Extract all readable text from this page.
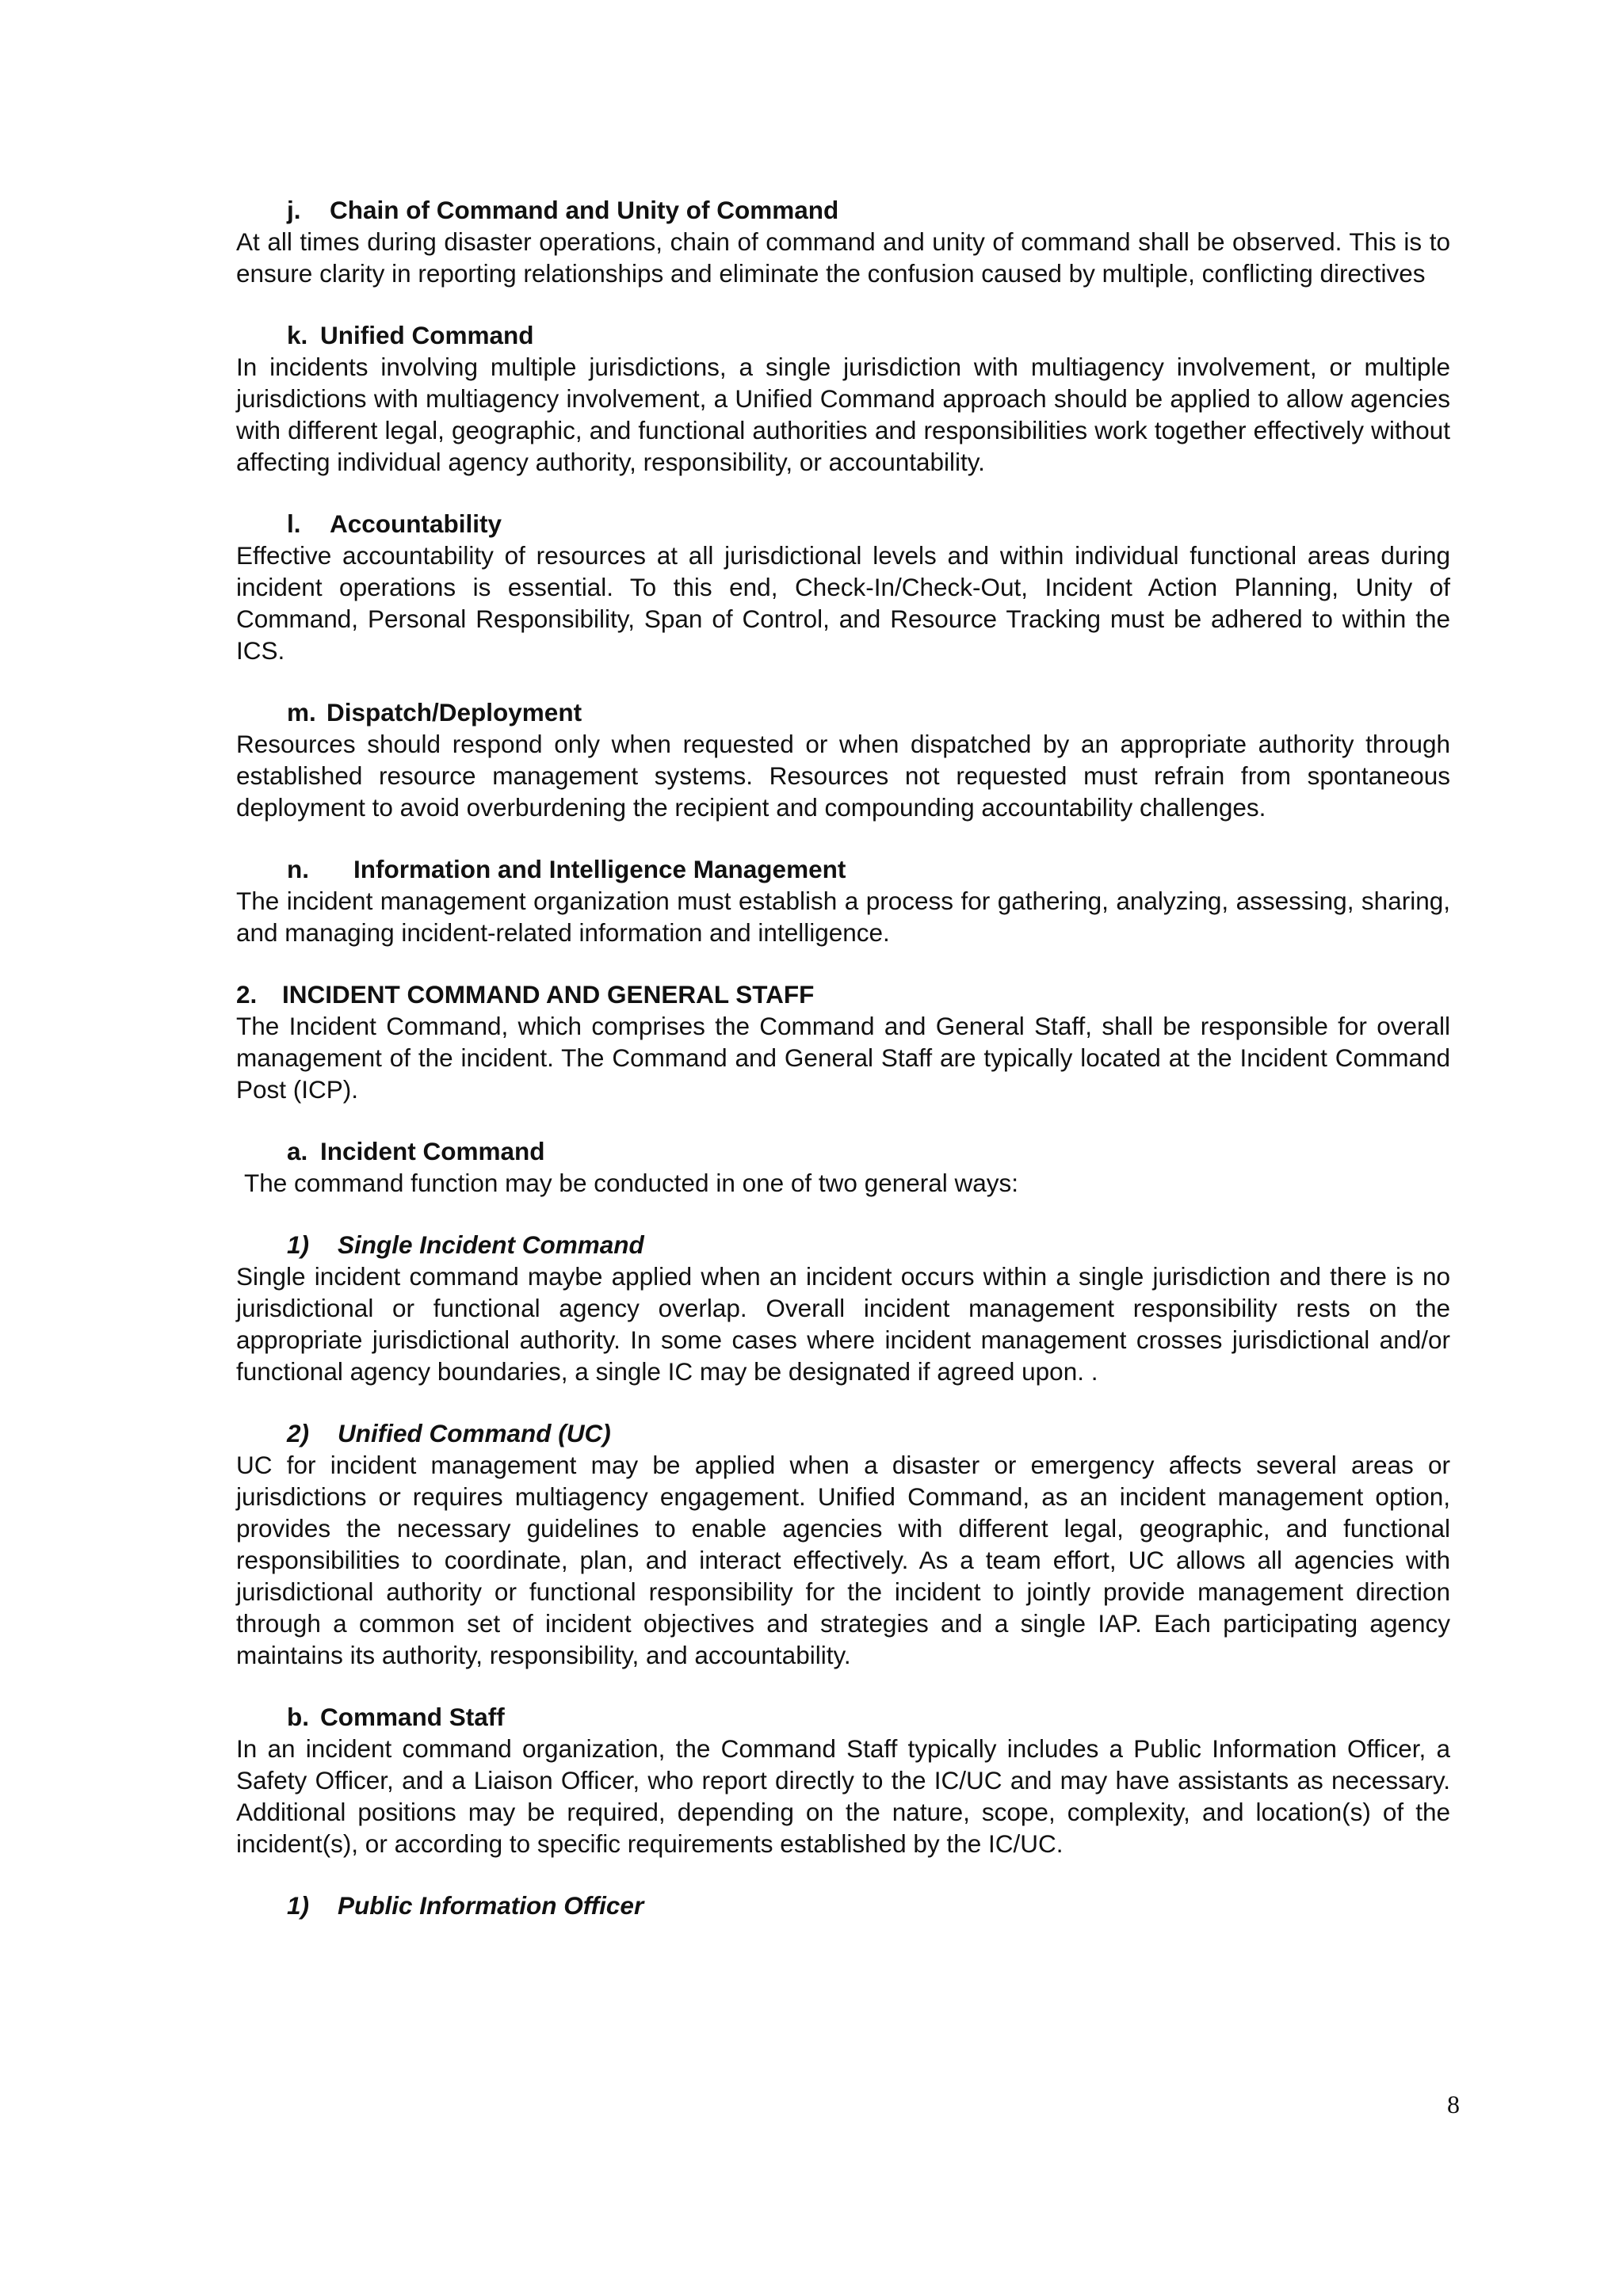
j. Chain of Command and Unity of Command

At all times during disaster operations, chain of command and unity of command shall be observed. This is to ensure clarity in reporting relationships and eliminate the confusion caused by multiple, conflicting directives

k. Unified Command

In incidents involving multiple jurisdictions, a single jurisdiction with multiagency involvement, or multiple jurisdictions with multiagency involvement, a Unified Command approach should be applied to allow agencies with different legal, geographic, and functional authorities and responsibilities work together effectively without affecting individual agency authority, responsibility, or accountability.

l. Accountability

Effective accountability of resources at all jurisdictional levels and within individual functional areas during incident operations is essential. To this end, Check-In/Check-Out, Incident Action Planning, Unity of Command, Personal Responsibility, Span of Control, and Resource Tracking must be adhered to within the ICS.

m. Dispatch/Deployment

Resources should respond only when requested or when dispatched by an appropriate authority through established resource management systems. Resources not requested must refrain from spontaneous deployment to avoid overburdening the recipient and compounding accountability challenges.

n. Information and Intelligence Management

The incident management organization must establish a process for gathering, analyzing, assessing, sharing, and managing incident-related information and intelligence.

2. INCIDENT COMMAND AND GENERAL STAFF

The Incident Command, which comprises the Command and General Staff, shall be responsible for overall management of the incident. The Command and General Staff are typically located at the Incident Command Post (ICP).

a. Incident Command

The command function may be conducted in one of two general ways:

1) Single Incident Command

Single incident command maybe applied when an incident occurs within a single jurisdiction and there is no jurisdictional or functional agency overlap. Overall incident management responsibility rests on the appropriate jurisdictional authority. In some cases where incident management crosses jurisdictional and/or functional agency boundaries, a single IC may be designated if agreed upon. .

2) Unified Command (UC)

UC for incident management may be applied when a disaster or emergency affects several areas or jurisdictions or requires multiagency engagement. Unified Command, as an incident management option, provides the necessary guidelines to enable agencies with different legal, geographic, and functional responsibilities to coordinate, plan, and interact effectively. As a team effort, UC allows all agencies with jurisdictional authority or functional responsibility for the incident to jointly provide management direction through a common set of incident objectives and strategies and a single IAP. Each participating agency maintains its authority, responsibility, and accountability.

b. Command Staff

In an incident command organization, the Command Staff typically includes a Public Information Officer, a Safety Officer, and a Liaison Officer, who report directly to the IC/UC and may have assistants as necessary. Additional positions may be required, depending on the nature, scope, complexity, and location(s) of the incident(s), or according to specific requirements established by the IC/UC.

1) Public Information Officer

8
